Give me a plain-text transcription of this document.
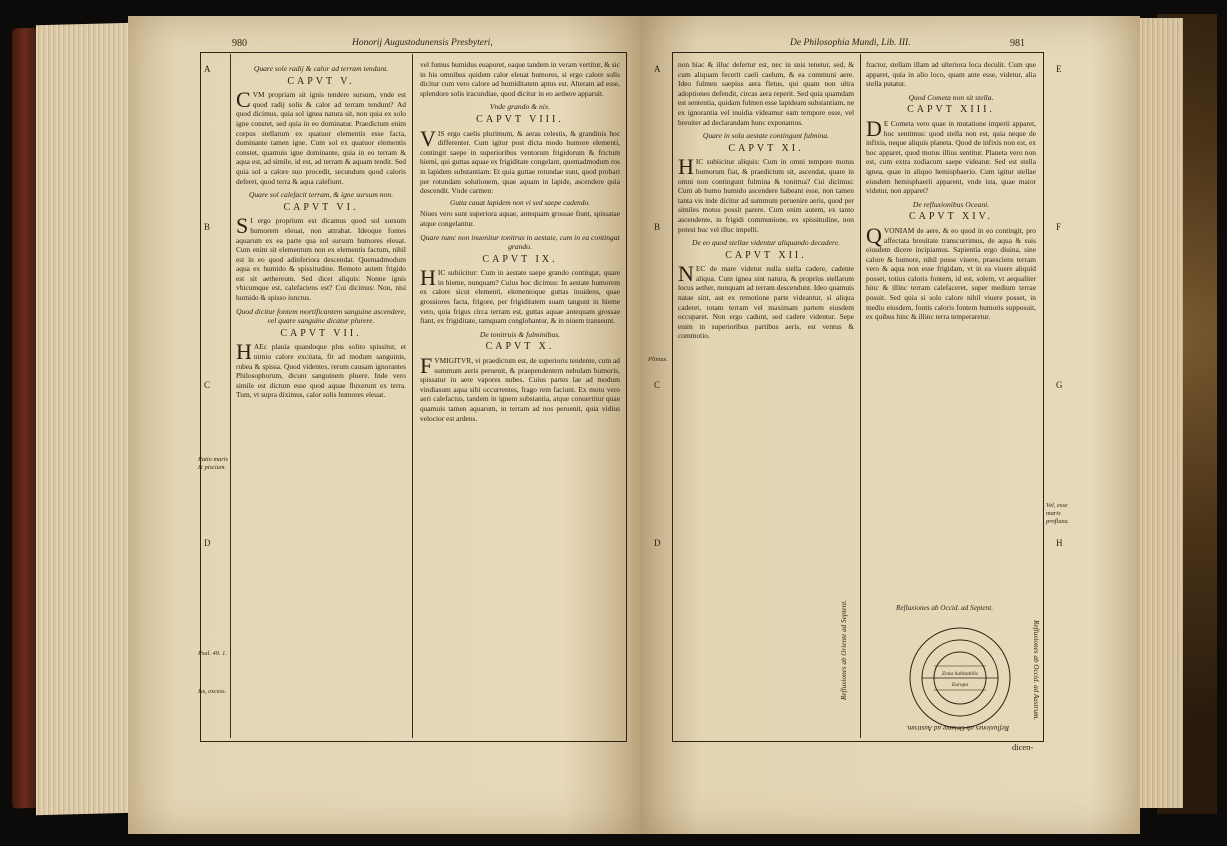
980	Honorij Augustodunensis Presbyteri,
A
B
C
D
Ratio maris & piscium.
Psal. 49. 1.
Iss, excess.
Quare sole radij & calor ad terram tendant.
CAPVT V.

CVM propriam sit ignis tendere sursum, vnde est quod radij solis & calor ad terram tendunt? Ad quod dicimus, quia sol ignea natura sit, non quia ex solo igne constet, sed quia in eo dominatur. Praedictum enim corpus stellarum ex quatuor elementis esse facta, dominante tamen igne. Cum sol ex quatuor elementis constet, quamuis igne dominante, quia in eo terram & aqua est, ad simile, id est, ad terram & aquam tendit. Sed quia sol a calore suo procedit, secundum quod caloris deferet, quod terra & aqua calefiunt.

Quare sol calefacit terram, & igne sursum non.
CAPVT VI.

S I ergo proprium est dicamus quod sol sursum humorem eleuat, non attrahat. Ideoque fontes aquarum ex ea parte qua sol sursum humores eleuat. Cum enim sit elementum non ex elementis factum, nihil est in eo quod adinferiora descendat. Quemadmodum aqua ex humido & spissitudine. Remoto autem frigido est sit aethereum. Sed dicet aliquis: Nonne ignis vbicumque est, calefaciens est? Cui dicimus: Non, nisi humido & spisso iunctus.

Quod dicitur fontem mortificantem sanguine ascendere, vel quare sanguine dicatur plurere.
CAPVT VII.

H AEc plauia quandoque plus solito spissitur, et nimio calore excitata, fit ad modum sanguinis, rubea & spissa. Quod videntes, rerum causam ignorantes Philosophorum, dicunt sanguinem pluere. Inde vero simile est dictum esse quod aquae fluxerunt ex terra. Tum, vt supra diximus, calor solis humores eleuat.

vel fumus humidus euaporet, eaque tandem in veram vertitur, & sic in his omnibus quidem calor eleuat humores, si ergo calore solis dicitur cum vero calore ad humiditatem aptus est. Alteram ad esse, splendore solis iracundiae, quod dicitur in eo aethere apparuit.

Vnde grando & nix.
CAPVT VIII.

VIS ergo caelis plurimum, & aeras celestis, & grandinis hoc differenter. Cum igitur post dicta modo humore elementi, contingit saepe in superioribus ventorum frigidorum & frictum hiemi, qui guttas aquae ex frigiditate congelant, quemadmodum ros in lapidem substantiam: Et quia guttae rotundae sunt, quod probari per rotundam solutionem, quae aquam in lapide, ascendere quia descendit. Vnde carmen:

Gutta cauat lapidem non vi sed saepe cadendo.

Niues vero sunt superiora aquae, antequam grossae fiunt, spissatae atque congelantur.

Quare nunc non inuenitur tonitrus in aestate, cum in ea contingat grando.
CAPVT IX.

HIC subiicitur: Cum in aestate saepe grando contingat, quare in hieme, nunquam? Cuius hoc dicimus: In aestate humorem ex calore sicut elementi, elementoque guttas inuidens, quae grossiores facta, frigore, per frigiditatem suam tangunt in hieme vero, quia frigus circa terram est, guttas aquae antequam grossae fiant, ex frigiditate, tamquam conglobantur, & in niuem transeunt.

De tonitruis & fulminibus.
CAPVT X.

FVMIGITVR, vi praedictum est, de superioris tendente, cum ad summum aeris peruenit, & praependentem nebulam humoris, spissatur in aere vapores nubes. Cuius partes lae ad modum vindiasum aqua sibi occurrentes, frago rem faciunt. Ex motu vero aeri calefactus, tandem in ignem substantia, atque conuertitur quae quamuis tamen aquarum, in terram ad nos peruenit, quia vidius velocior est ardens.

De Philosophia Mundi, Lib. III.	981
A
B
C
D
E
F
G
H
Plinius.
Vel, esse maris profluxu.

non hiac & illuc defertur est, nec in suis tenetur, sed, & cum aliquam fecerit caeli caelum, & ea communi aere. Ideo fulmen saepius aera fletus, qui quam non ultra adoptiones defendit, circas aera reperit. Sed quia quamdam est sententia, quidam fulmen esse lapideam substantiam, ne ex ignorantia vel inuidia videamur eam tempore esse, vel breuiter ad declarandam hunc exponamus.

Quare in sola aestate contingunt fulmina.
CAPVT XI.

HIC subiicitur aliquis: Cum in omni tempore motus humorum fiat, & praedictum sit, ascendat, quare in omni non contingunt fulmina & tonitrua? Cui dicimus: Cum ab humo humido ascendere habeant esse, non tamen tanta vis inde dicitur ad summum peruenire aeris, quod per similes motus possit parere. Cum enim autem, ex tanto ascendente, in frigidi communione, ex spissitudine, non potest huc vel illuc impelli.

De eo quod stellae videntur aliquando decadere.
CAPVT XII.

NEC de mare videtur nulla stella cadere, cadente aliqua. Cum ignea sint natura, & proprius stellarum locus aether, nunquam ad terram descendunt. Ideo quamuis natae sint, aut ex remotione parte videantur, si aliqua caderet, totam terram vel maximam partem eiusdem occuparet. Non ergo cadunt, sed cadere videntur. Sepe enim in superioribus partibus aeris, est ventus & commotio.

fractor, stellam illam ad ulteriora loca deculit. Cum que apparet, quia in alio loco, quam ante esse, videtur, alia stella putatur.

Quod Cometa non sit stella.
CAPVT XIII.

D E Cometa vero quae in mutatione imperii apparet, hoc sentimus: quod stella non est, quia neque de infixis, neque aliquis planeta. Quod de infixis non est, ex hoc apparet, quod motus illius sentitur. Planeta vero non est, cum extra zodiacum saepe videatur. Sed est stella ignea, quae in aliquo hemisphaerio. Cum igitur stellae eiusdem hemisphaerii apparent, vnde ista, quae maior videtur, non apparet?

De refluxionibus Oceani.
CAPVT XIV.

QVONIAM de aere, & eo quod in eo contingit, pro affectata breuitate transcurrimus, de aqua & suis eiusdem dicere incipiamus. Sapientia ergo diuina, sine calore & humore, nihil posse viuere, praesciens terram vero & aqua non esse frigidam, vt in ea viuere aliquid posset, totius caloris fontem, id est, solem, vt aequaliter hinc & illinc terram calefaceret, super medium terrae posuit. Sed quia si solo calore nihil viuere posset, in medio eiusdem, fontis caloris fontem humoris supposuit, ex quibus hinc & illinc terra temperaretur.

Refluxiones ab Occid. ad Septent.
Zona habitabilis
Europa
Refluxiones ab Oriente ad Septent.	Refluxiones ab Occid. ad Austrum.
Refluxiones ab Oriente ad Austrum.
dicen-
